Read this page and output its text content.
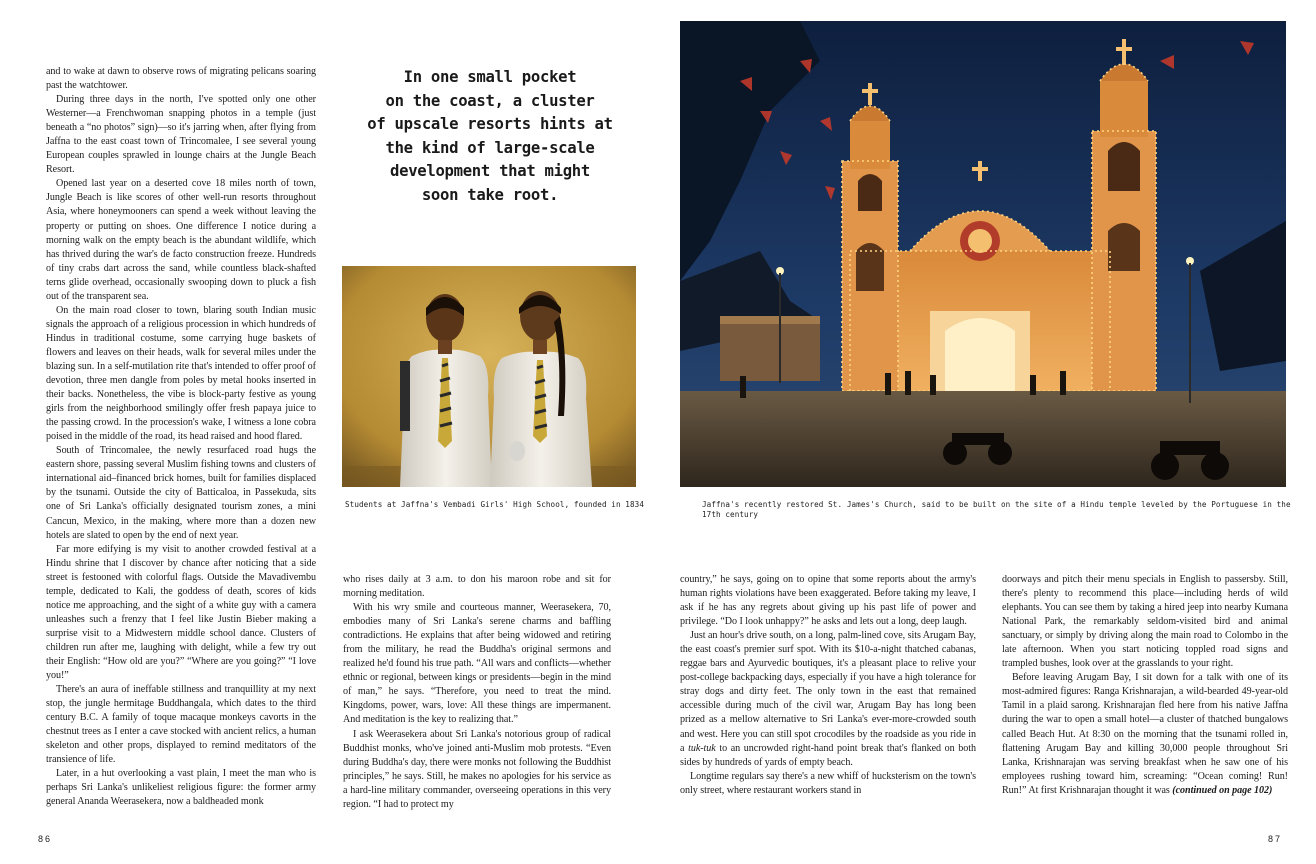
and to wake at dawn to observe rows of migrating pelicans soaring past the watchtower.

During three days in the north, I've spotted only one other Westerner—a Frenchwoman snapping photos in a temple (just beneath a “no photos” sign)—so it's jarring when, after flying from Jaffna to the east coast town of Trincomalee, I see several young European couples sprawled in lounge chairs at the Jungle Beach Resort.

Opened last year on a deserted cove 18 miles north of town, Jungle Beach is like scores of other well-run resorts throughout Asia, where honeymooners can spend a week without leaving the property or putting on shoes. One difference I notice during a morning walk on the empty beach is the abundant wildlife, which has thrived during the war's de facto construction freeze. Hundreds of tiny crabs dart across the sand, while countless black-shafted terns glide overhead, occasionally swooping down to pluck a fish out of the transparent sea.

On the main road closer to town, blaring south Indian music signals the approach of a religious procession in which hundreds of Hindus in traditional costume, some carrying huge baskets of flowers and leaves on their heads, walk for several miles under the blazing sun. In a self-mutilation rite that's intended to offer proof of devotion, three men dangle from poles by metal hooks inserted in their backs. Nonetheless, the vibe is block-party festive as young girls from the neighborhood smilingly offer fresh papaya juice to the passing crowd. In the procession's wake, I witness a lone cobra poised in the middle of the road, its head raised and hood flared.

South of Trincomalee, the newly resurfaced road hugs the eastern shore, passing several Muslim fishing towns and clusters of international aid–financed brick homes, built for families displaced by the tsunami. Outside the city of Batticaloa, in Passekuda, sits one of Sri Lanka's officially designated tourism zones, a mini Cancun, Mexico, in the making, where more than a dozen new hotels are slated to open by the end of next year.

Far more edifying is my visit to another crowded festival at a Hindu shrine that I discover by chance after noticing that a side street is festooned with colorful flags. Outside the Mavadivembu temple, dedicated to Kali, the goddess of death, scores of kids notice me approaching, and the sight of a white guy with a camera unleashes such a frenzy that I feel like Justin Bieber making a surprise visit to a Midwestern middle school dance. Clusters of children run after me, laughing with delight, while a few try out their English: “How old are you?” “Where are you going?” “I love you!”

There's an aura of ineffable stillness and tranquillity at my next stop, the jungle hermitage Buddhangala, which dates to the third century B.C. A family of toque macaque monkeys cavorts in the chestnut trees as I enter a cave stocked with ancient relics, a human skeleton and other props, displayed to remind meditators of the transience of life.

Later, in a hut overlooking a vast plain, I meet the man who is perhaps Sri Lanka's unlikeliest religious figure: the former army general Ananda Weerasekera, now a baldheaded monk

In one small pocket
on the coast, a cluster
of upscale resorts hints at
the kind of large-scale
development that might
soon take root.
Students at Jaffna's Vembadi Girls' High School, founded in 1834

who rises daily at 3 a.m. to don his maroon robe and sit for morning meditation.

With his wry smile and courteous manner, Weerasekera, 70, embodies many of Sri Lanka's serene charms and baffling contradictions. He explains that after being widowed and retiring from the military, he read the Buddha's original sermons and realized he'd found his true path. “All wars and conflicts—whether ethnic or regional, between kings or presidents—begin in the mind of man,” he says. “Therefore, you need to treat the mind. Kingdoms, power, wars, love: All these things are impermanent. And meditation is the key to realizing that.”

I ask Weerasekera about Sri Lanka's notorious group of radical Buddhist monks, who've joined anti-Muslim mob protests. “Even during Buddha's day, there were monks not following the Buddhist principles,” he says. Still, he makes no apologies for his service as a hard-line military commander, overseeing operations in this very region. “I had to protect my

86
Jaffna's recently restored St. James's Church, said to be built on the site of a Hindu temple leveled by the Portuguese in the 17th century

country,” he says, going on to opine that some reports about the army's human rights violations have been exaggerated. Before taking my leave, I ask if he has any regrets about giving up his past life of power and privilege. “Do I look unhappy?” he asks and lets out a long, deep laugh.

Just an hour's drive south, on a long, palm-lined cove, sits Arugam Bay, the east coast's premier surf spot. With its $10-a-night thatched cabanas, reggae bars and Ayurvedic boutiques, it's a pleasant place to relive your post-college backpacking days, especially if you have a high tolerance for stray dogs and dirty feet. The only town in the east that remained accessible during much of the civil war, Arugam Bay has long been prized as a mellow alternative to Sri Lanka's ever-more-crowded south and west. Here you can still spot crocodiles by the roadside as you ride in a tuk-tuk to an uncrowded right-hand point break that's flanked on both sides by hundreds of yards of empty beach.

Longtime regulars say there's a new whiff of hucksterism on the town's only street, where restaurant workers stand in

doorways and pitch their menu specials in English to passersby. Still, there's plenty to recommend this place—including herds of wild elephants. You can see them by taking a hired jeep into nearby Kumana National Park, the remarkably seldom-visited bird and animal sanctuary, or simply by driving along the main road to Colombo in the late afternoon. When you start noticing toppled road signs and trampled bushes, look over at the grasslands to your right.

Before leaving Arugam Bay, I sit down for a talk with one of its most-admired figures: Ranga Krishnarajan, a wild-bearded 49-year-old Tamil in a plaid sarong. Krishnarajan fled here from his native Jaffna during the war to open a small hotel—a cluster of thatched bungalows called Beach Hut. At 8:30 on the morning that the tsunami rolled in, flattening Arugam Bay and killing 30,000 people throughout Sri Lanka, Krishnarajan was serving breakfast when he saw one of his employees rushing toward him, screaming: “Ocean coming! Run! Run!” At first Krishnarajan thought it was (continued on page 102)

87
